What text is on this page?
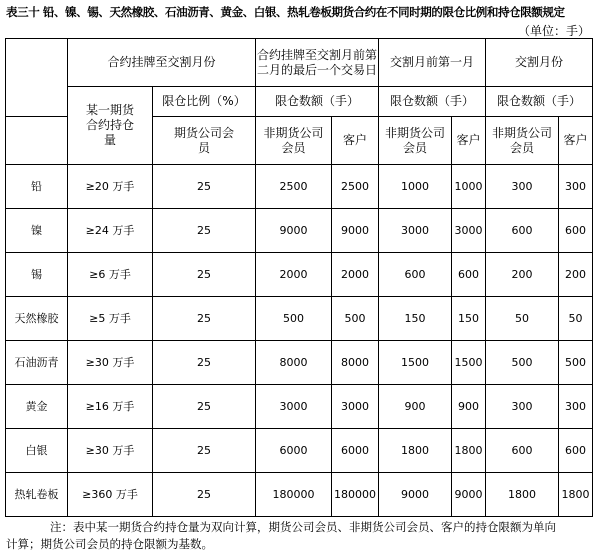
表三十 铅、镍、锡、天然橡胶、石油沥青、黄金、白银、热轧卷板期货合约在不同时期的限仓比例和持仓限额规定
（单位：手）
	合约挂牌至交割月份		合约挂牌至交割月前第二月的最后一个交易日		交割月前第一月		交割月份	
	某一期货合约持仓量	限仓比例（%）	限仓数额（手）		限仓数额（手）		限仓数额（手）	
		期货公司会员	非期货公司会员	客户	非期货公司会员	客户	非期货公司会员	客户
铅	≥20 万手	25	2500	2500	1000	1000	300	300
镍	≥24 万手	25	9000	9000	3000	3000	600	600
锡	≥6 万手	25	2000	2000	600	600	200	200
天然橡胶	≥5 万手	25	500	500	150	150	50	50
石油沥青	≥30 万手	25	8000	8000	1500	1500	500	500
黄金	≥16 万手	25	3000	3000	900	900	300	300
白银	≥30 万手	25	6000	6000	1800	1800	600	600
热轧卷板	≥360 万手	25	180000	180000	9000	9000	1800	1800
注：表中某一期货合约持仓量为双向计算，期货公司会员、非期货公司会员、客户的持仓限额为单向
计算；期货公司会员的持仓限额为基数。
